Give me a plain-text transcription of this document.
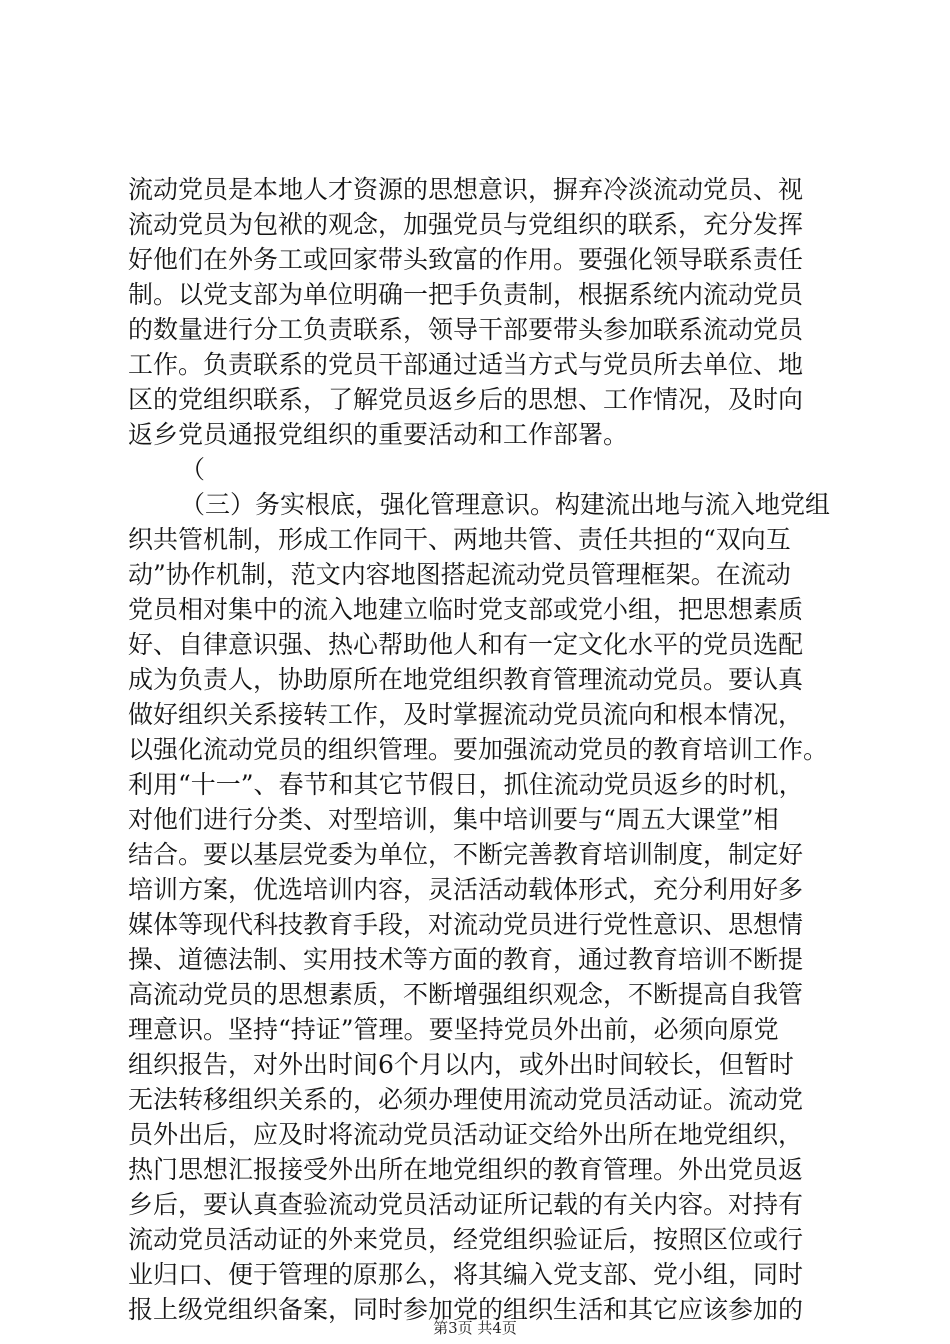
流动党员是本地人才资源的思想意识，摒弃冷淡流动党员、视
流动党员为包袱的观念，加强党员与党组织的联系，充分发挥
好他们在外务工或回家带头致富的作用。要强化领导联系责任
制。以党支部为单位明确一把手负责制，根据系统内流动党员
的数量进行分工负责联系，领导干部要带头参加联系流动党员
工作。负责联系的党员干部通过适当方式与党员所去单位、地
区的党组织联系，了解党员返乡后的思想、工作情况，及时向
返乡党员通报党组织的重要活动和工作部署。
（
（三）务实根底，强化管理意识。构建流出地与流入地党组
织共管机制，形成工作同干、两地共管、责任共担的“双向互
动”协作机制，范文内容地图搭起流动党员管理框架。在流动
党员相对集中的流入地建立临时党支部或党小组，把思想素质
好、自律意识强、热心帮助他人和有一定文化水平的党员选配
成为负责人，协助原所在地党组织教育管理流动党员。要认真
做好组织关系接转工作，及时掌握流动党员流向和根本情况，
以强化流动党员的组织管理。要加强流动党员的教育培训工作。
利用“十一”、春节和其它节假日，抓住流动党员返乡的时机，
对他们进行分类、对型培训，集中培训要与“周五大课堂”相
结合。要以基层党委为单位，不断完善教育培训制度，制定好
培训方案，优选培训内容，灵活活动载体形式，充分利用好多
媒体等现代科技教育手段，对流动党员进行党性意识、思想情
操、道德法制、实用技术等方面的教育，通过教育培训不断提
高流动党员的思想素质，不断增强组织观念，不断提高自我管
理意识。坚持“持证”管理。要坚持党员外出前，必须向原党
组织报告，对外出时间6个月以内，或外出时间较长，但暂时
无法转移组织关系的，必须办理使用流动党员活动证。流动党
员外出后，应及时将流动党员活动证交给外出所在地党组织，
热门思想汇报接受外出所在地党组织的教育管理。外出党员返
乡后，要认真查验流动党员活动证所记载的有关内容。对持有
流动党员活动证的外来党员，经党组织验证后，按照区位或行
业归口、便于管理的原那么，将其编入党支部、党小组，同时
报上级党组织备案，同时参加党的组织生活和其它应该参加的
第3页 共4页
